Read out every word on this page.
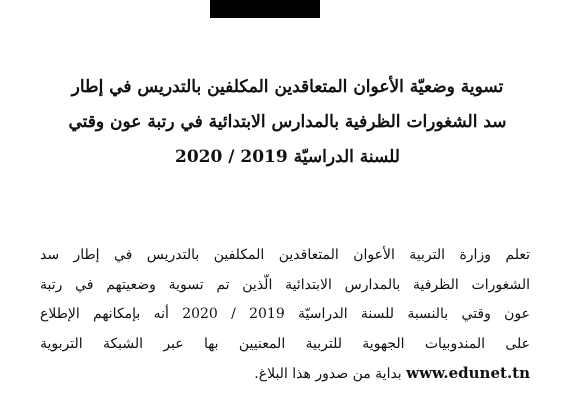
تسوية وضعيّة الأعوان المتعاقدين المكلفين بالتدريس في إطار
سد الشغورات الظرفية بالمدارس الابتدائية في رتبة عون وقتي
للسنة الدراسيّة 2019 / 2020
تعلم وزارة التربية الأعوان المتعاقدين المكلفين بالتدريس في إطار سد
الشغورات الظرفية بالمدارس الابتدائية الّذين تم تسوية وضعيتهم في رتبة
عون وقتي بالنسبة للسنة الدراسيّة 2019 / 2020 أنه بإمكانهم الإطلاع
على المندوبيات الجهوية للتربية المعنيين بها عبر الشبكة التربوية
www.edunet.tn بداية من صدور هذا البلاغ.
